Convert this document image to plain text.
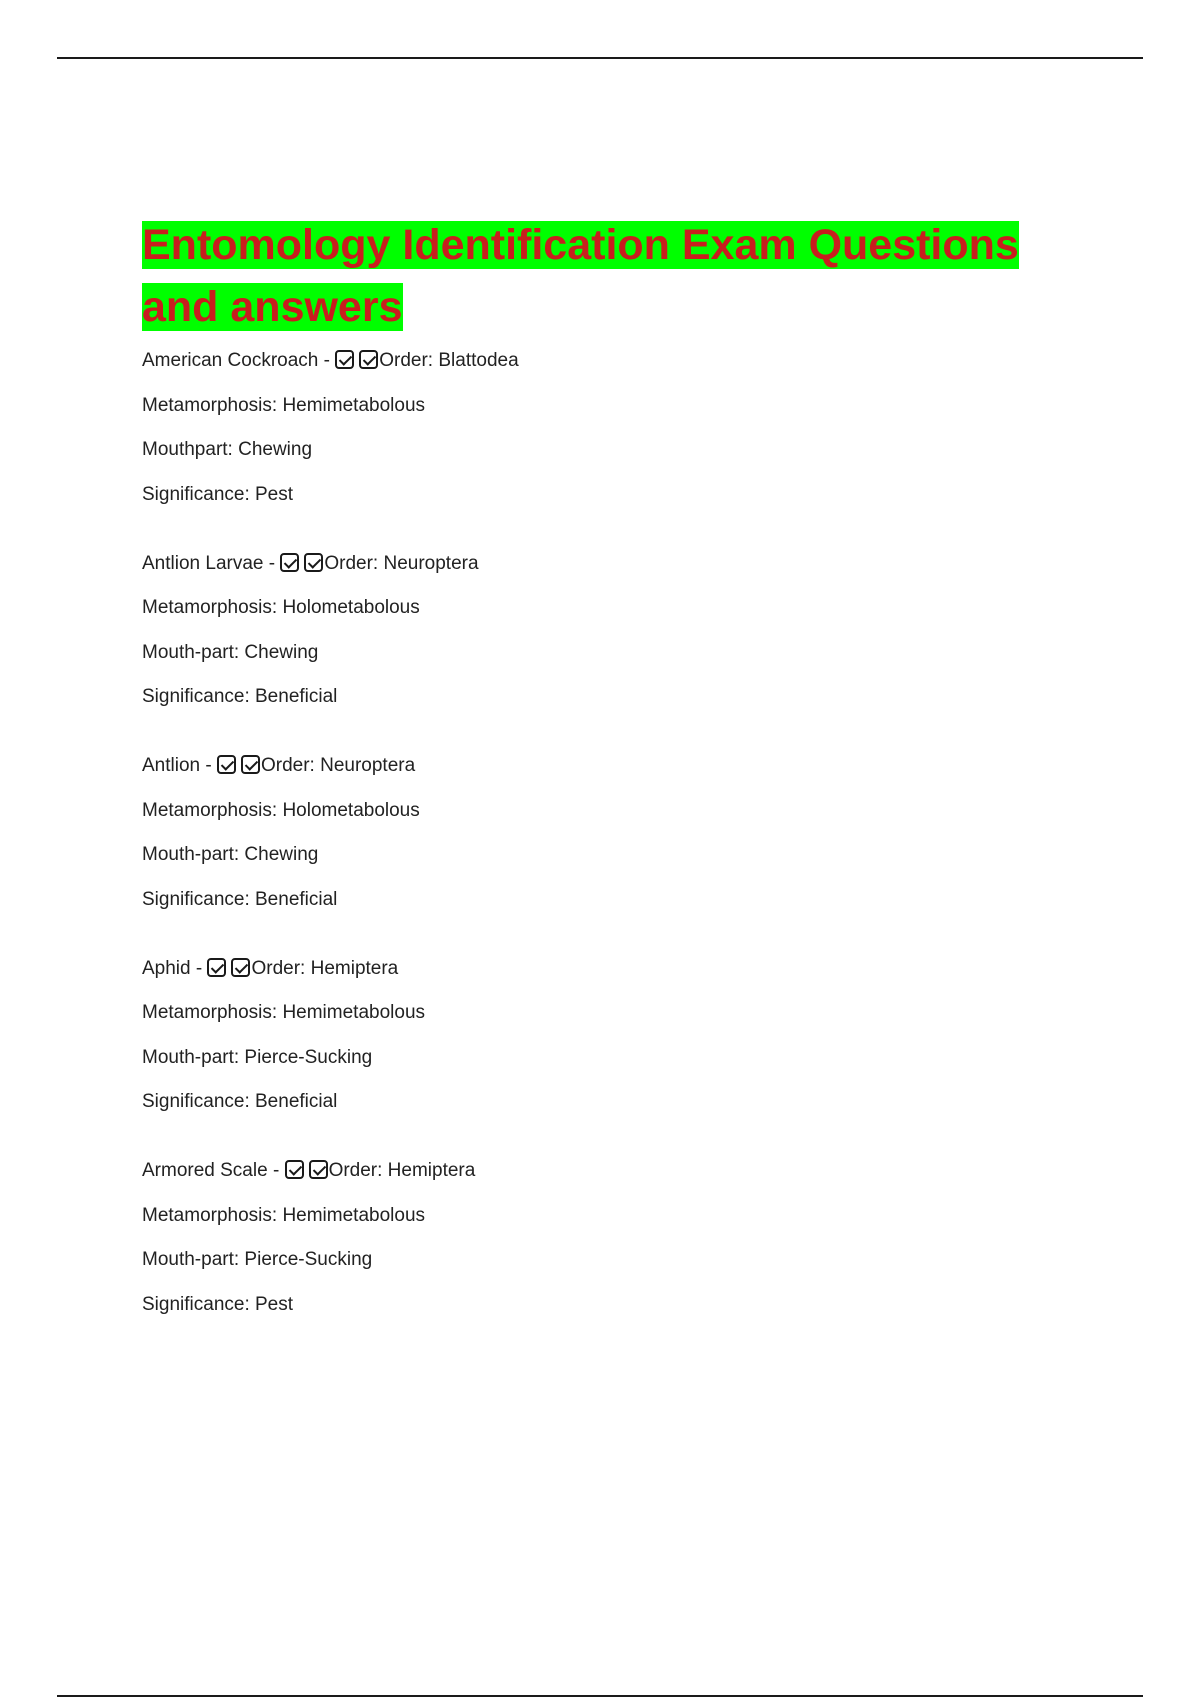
Entomology Identification Exam Questions and answers
American Cockroach -	Order: Blattodea
Metamorphosis: Hemimetabolous
Mouthpart: Chewing
Significance: Pest
Antlion Larvae -	Order: Neuroptera
Metamorphosis: Holometabolous
Mouth-part: Chewing
Significance: Beneficial
Antlion -	Order: Neuroptera
Metamorphosis: Holometabolous
Mouth-part: Chewing
Significance: Beneficial
Aphid -	Order: Hemiptera
Metamorphosis: Hemimetabolous
Mouth-part: Pierce-Sucking
Significance: Beneficial
Armored Scale -	Order: Hemiptera
Metamorphosis: Hemimetabolous
Mouth-part: Pierce-Sucking
Significance: Pest
